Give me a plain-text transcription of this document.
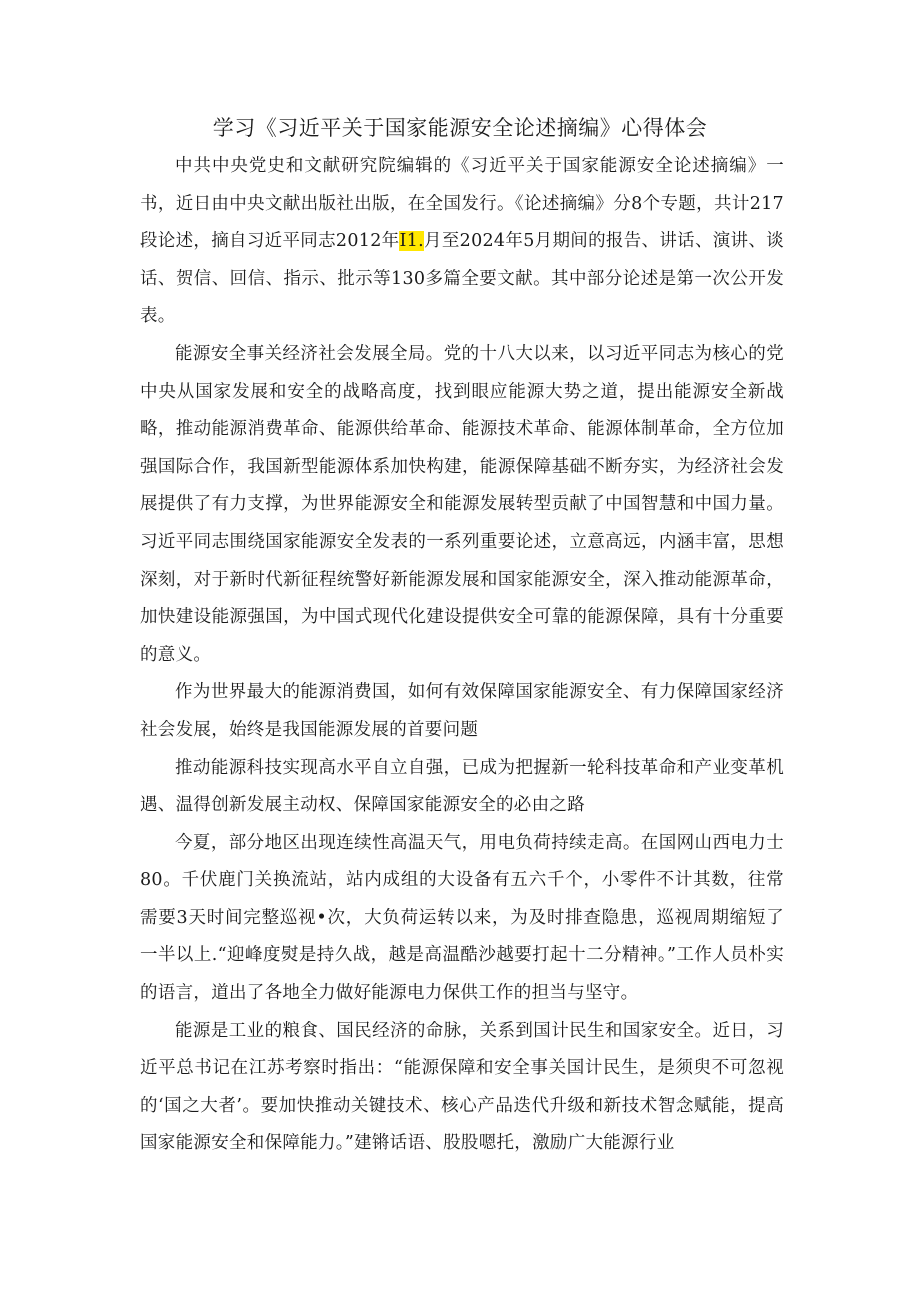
学习《习近平关于国家能源安全论述摘编》心得体会

中共中央党史和文献研究院编辑的《习近平关于国家能源安全论述摘编》一书，近日由中央文献出版社出版，在全国发行。《论述摘编》分8个专题，共计217段论述，摘自习近平同志2012年I1.月至2024年5月期间的报告、讲话、演讲、谈话、贺信、回信、指示、批示等130多篇全要文献。其中部分论述是第一次公开发表。

能源安全事关经济社会发展全局。党的十八大以来，以习近平同志为核心的党中央从国家发展和安全的战略高度，找到眼应能源大势之道，提出能源安全新战略，推动能源消费革命、能源供给革命、能源技术革命、能源体制革命，全方位加强国际合作，我国新型能源体系加快构建，能源保障基础不断夯实，为经济社会发展提供了有力支撑，为世界能源安全和能源发展转型贡献了中国智慧和中国力量。习近平同志围绕国家能源安全发表的一系列重要论述，立意高远，内涵丰富，思想深刻，对于新时代新征程统警好新能源发展和国家能源安全，深入推动能源革命，加快建设能源强国，为中国式现代化建设提供安全可靠的能源保障，具有十分重要的意义。

作为世界最大的能源消费国，如何有效保障国家能源安全、有力保障国家经济社会发展，始终是我国能源发展的首要问题

推动能源科技实现高水平自立自强，已成为把握新一轮科技革命和产业变革机遇、温得创新发展主动权、保障国家能源安全的必由之路

今夏，部分地区出现连续性高温天气，用电负荷持续走高。在国网山西电力士80。千伏鹿门关换流站，站内成组的大设备有五六千个，小零件不计其数，往常需要3天时间完整巡视•次，大负荷运转以来，为及时排查隐患，巡视周期缩短了一半以上.“迎峰度熨是持久战，越是高温酷沙越要打起十二分精神。”工作人员朴实的语言，道出了各地全力做好能源电力保供工作的担当与坚守。

能源是工业的粮食、国民经济的命脉，关系到国计民生和国家安全。近日，习近平总书记在江苏考察时指出：“能源保障和安全事关国计民生，是须臾不可忽视的‘国之大者’。要加快推动关键技术、核心产品迭代升级和新技术智念赋能，提高国家能源安全和保障能力。”建锵话语、股股嗯托，激励广大能源行业
